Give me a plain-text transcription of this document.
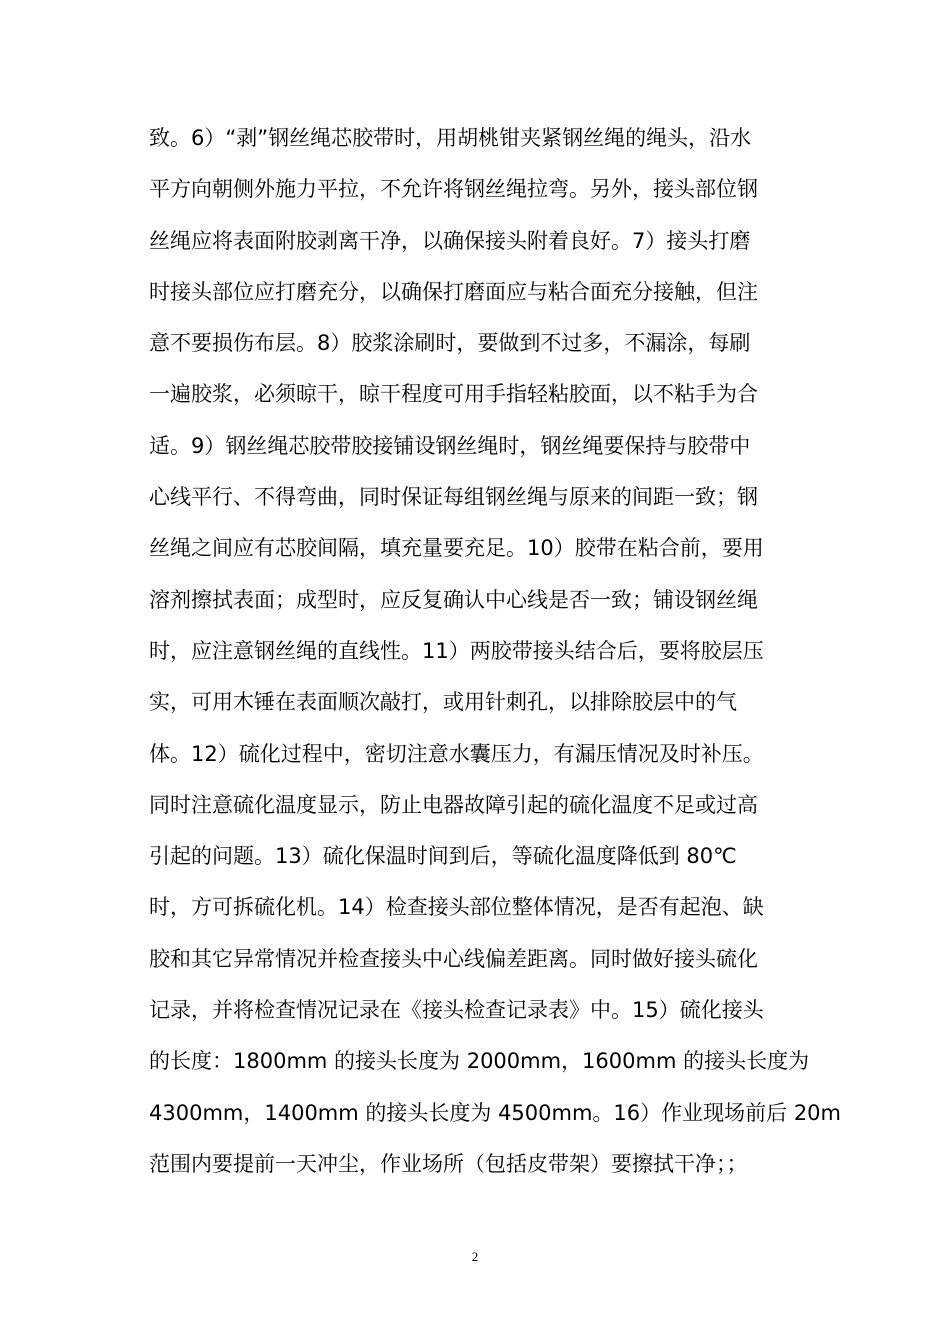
致。6）“剥”钢丝绳芯胶带时，用胡桃钳夹紧钢丝绳的绳头，沿水
平方向朝侧外施力平拉，不允许将钢丝绳拉弯。另外，接头部位钢
丝绳应将表面附胶剥离干净，以确保接头附着良好。7）接头打磨
时接头部位应打磨充分，以确保打磨面应与粘合面充分接触，但注
意不要损伤布层。8）胶浆涂刷时，要做到不过多，不漏涂，每刷
一遍胶浆，必须晾干，晾干程度可用手指轻粘胶面，以不粘手为合
适。9）钢丝绳芯胶带胶接铺设钢丝绳时，钢丝绳要保持与胶带中
心线平行、不得弯曲，同时保证每组钢丝绳与原来的间距一致；钢
丝绳之间应有芯胶间隔，填充量要充足。10）胶带在粘合前，要用
溶剂擦拭表面；成型时，应反复确认中心线是否一致；铺设钢丝绳
时，应注意钢丝绳的直线性。11）两胶带接头结合后，要将胶层压
实，可用木锤在表面顺次敲打，或用针刺孔，以排除胶层中的气
体。12）硫化过程中，密切注意水囊压力，有漏压情况及时补压。
同时注意硫化温度显示，防止电器故障引起的硫化温度不足或过高
引起的问题。13）硫化保温时间到后，等硫化温度降低到 80℃
时，方可拆硫化机。14）检查接头部位整体情况，是否有起泡、缺
胶和其它异常情况并检查接头中心线偏差距离。同时做好接头硫化
记录，并将检查情况记录在《接头检查记录表》中。15）硫化接头
的长度：1800mm 的接头长度为 2000mm，1600mm 的接头长度为
4300mm，1400mm 的接头长度为 4500mm。16）作业现场前后 20m
范围内要提前一天冲尘，作业场所（包括皮带架）要擦拭干净；；
2
